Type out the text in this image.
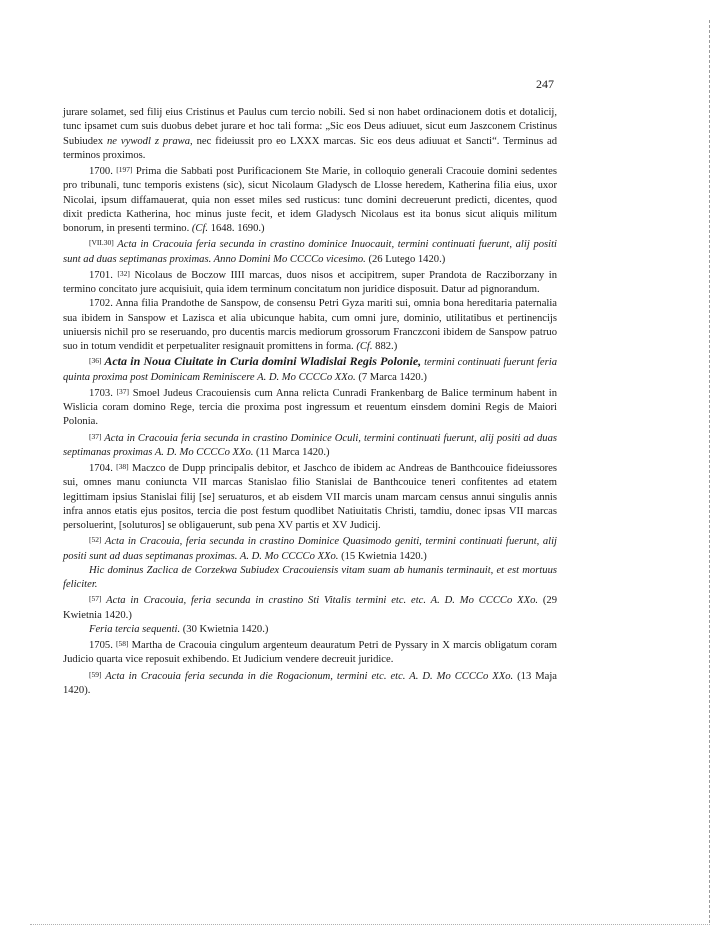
247

jurare solamet, sed filij eius Cristinus et Paulus cum tercio nobili. Sed si non habet ordinacionem dotis et dotalicij, tunc ipsamet cum suis duobus debet jurare et hoc tali forma: „Sic eos Deus adiuuet, sicut eum Jaszconem Cristinus Subiudex ne vywodl z prawa, nec fideiussit pro eo LXXX marcas. Sic eos deus adiuuat et Sancti“. Terminus ad terminos proximos.

1700. [197] Prima die Sabbati post Purificacionem Ste Marie, in colloquio generali Cracouie domini sedentes pro tribunali, tunc temporis existens (sic), sicut Nicolaum Gladysch de Llosse heredem, Katherina filia eius, uxor Nicolai, ipsum diffamauerat, quia non esset miles sed rusticus: tunc domini decreuerunt predicti, dicentes, quod dixit predicta Katherina, hoc minus juste fecit, et idem Gladysch Nicolaus est ita bonus sicut aliquis militum bonorum, in presenti termino. (Cf. 1648. 1690.)

[VII.30] Acta in Cracouia feria secunda in crastino dominice Inuocauit, termini continuati fuerunt, alij positi sunt ad duas septimanas proximas. Anno Domini Mo CCCCo vicesimo. (26 Lutego 1420.)

1701. [32] Nicolaus de Boczow IIII marcas, duos nisos et accipitrem, super Prandota de Racziborzany in termino concitato jure acquisiuit, quia idem terminum concitatum non juridice disposuit. Datur ad pignorandum.

1702. Anna filia Prandothe de Sanspow, de consensu Petri Gyza mariti sui, omnia bona hereditaria paternalia sua ibidem in Sanspow et Lazisca et alia ubicunque habita, cum omni jure, dominio, utilitatibus et pertinencijs uniuersis nichil pro se reseruando, pro ducentis marcis mediorum grossorum Franczconi ibidem de Sanspow patruo suo in totum vendidit et perpetualiter resignauit promittens in forma. (Cf. 882.)

[36] Acta in Noua Ciuitate in Curia domini Wladislai Regis Polonie, termini continuati fuerunt feria quinta proxima post Dominicam Reminiscere A. D. Mo CCCCo XXo. (7 Marca 1420.)

1703. [37] Smoel Judeus Cracouiensis cum Anna relicta Cunradi Frankenbarg de Balice terminum habent in Wislicia coram domino Rege, tercia die proxima post ingressum et reuentum einsdem domini Regis de Maiori Polonia.

[37] Acta in Cracouia feria secunda in crastino Dominice Oculi, termini continuati fuerunt, alij positi ad duas septimanas proximas A. D. Mo CCCCo XXo. (11 Marca 1420.)

1704. [38] Maczco de Dupp principalis debitor, et Jaschco de ibidem ac Andreas de Banthcouice fideiussores sui, omnes manu coniuncta VII marcas Stanislao filio Stanislai de Banthcouice teneri confitentes ad etatem legittimam ipsius Stanislai filij [se] seruaturos, et ab eisdem VII marcis unam marcam census annui singulis annis infra annos etatis ejus positos, tercia die post festum quodlibet Natiuitatis Christi, tamdiu, donec ipsas VII marcas persoluerint, [soluturos] se obligauerunt, sub pena XV partis et XV Judicij.

[52] Acta in Cracouia, feria secunda in crastino Dominice Quasimodo geniti, termini continuati fuerunt, alij positi sunt ad duas septimanas proximas. A. D. Mo CCCCo XXo. (15 Kwietnia 1420.)

Hic dominus Zaclica de Corzekwa Subiudex Cracouiensis vitam suam ab humanis terminauit, et est mortuus feliciter.

[57] Acta in Cracouia, feria secunda in crastino Sti Vitalis termini etc. etc. A. D. Mo CCCCo XXo. (29 Kwietnia 1420.)

Feria tercia sequenti. (30 Kwietnia 1420.)

1705. [58] Martha de Cracouia cingulum argenteum deauratum Petri de Pyssary in X marcis obligatum coram Judicio quarta vice reposuit exhibendo. Et Judicium vendere decreuit juridice.

[59] Acta in Cracouia feria secunda in die Rogacionum, termini etc. etc. A. D. Mo CCCCo XXo. (13 Maja 1420).
